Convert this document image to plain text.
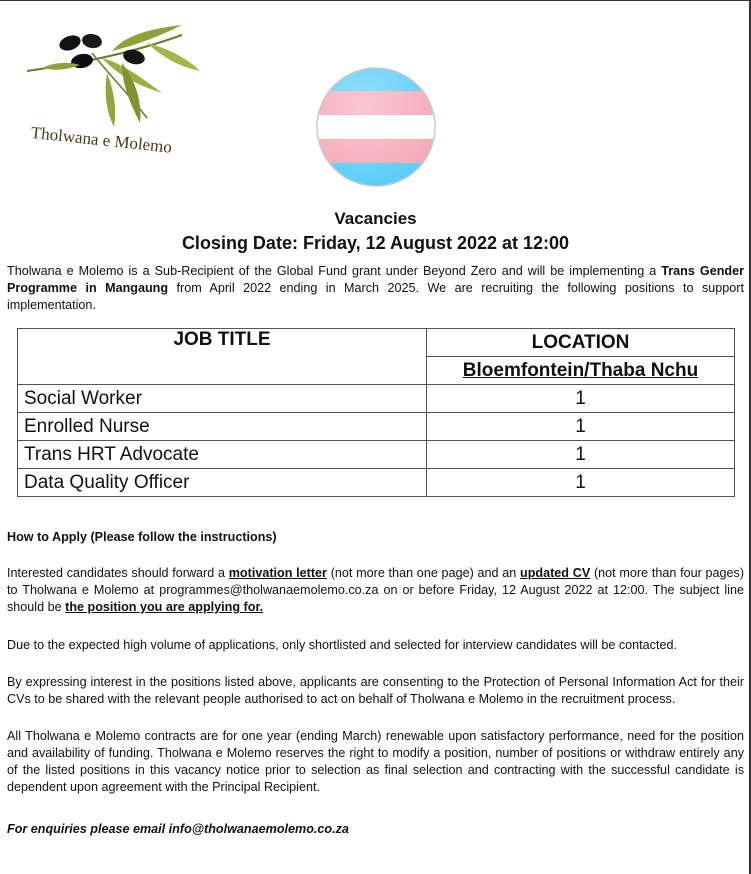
Tholwana e Molemo
Vacancies
Closing Date: Friday, 12 August 2022 at 12:00
Tholwana e Molemo is a Sub-Recipient of the Global Fund grant under Beyond Zero and will be implementing a Trans Gender Programme in Mangaung from April 2022 ending in March 2025. We are recruiting the following positions to support implementation.
JOB TITLE	LOCATION
	Bloemfontein/Thaba Nchu
Social Worker	1
Enrolled Nurse	1
Trans HRT Advocate	1
Data Quality Officer	1
How to Apply (Please follow the instructions)
Interested candidates should forward a motivation letter (not more than one page) and an updated CV (not more than four pages) to Tholwana e Molemo at programmes@tholwanaemolemo.co.za on or before Friday, 12 August 2022 at 12:00. The subject line should be the position you are applying for.
Due to the expected high volume of applications, only shortlisted and selected for interview candidates will be contacted.
By expressing interest in the positions listed above, applicants are consenting to the Protection of Personal Information Act for their CVs to be shared with the relevant people authorised to act on behalf of Tholwana e Molemo in the recruitment process.
All Tholwana e Molemo contracts are for one year (ending March) renewable upon satisfactory performance, need for the position and availability of funding. Tholwana e Molemo reserves the right to modify a position, number of positions or withdraw entirely any of the listed positions in this vacancy notice prior to selection as final selection and contracting with the successful candidate is dependent upon agreement with the Principal Recipient.
For enquiries please email info@tholwanaemolemo.co.za
